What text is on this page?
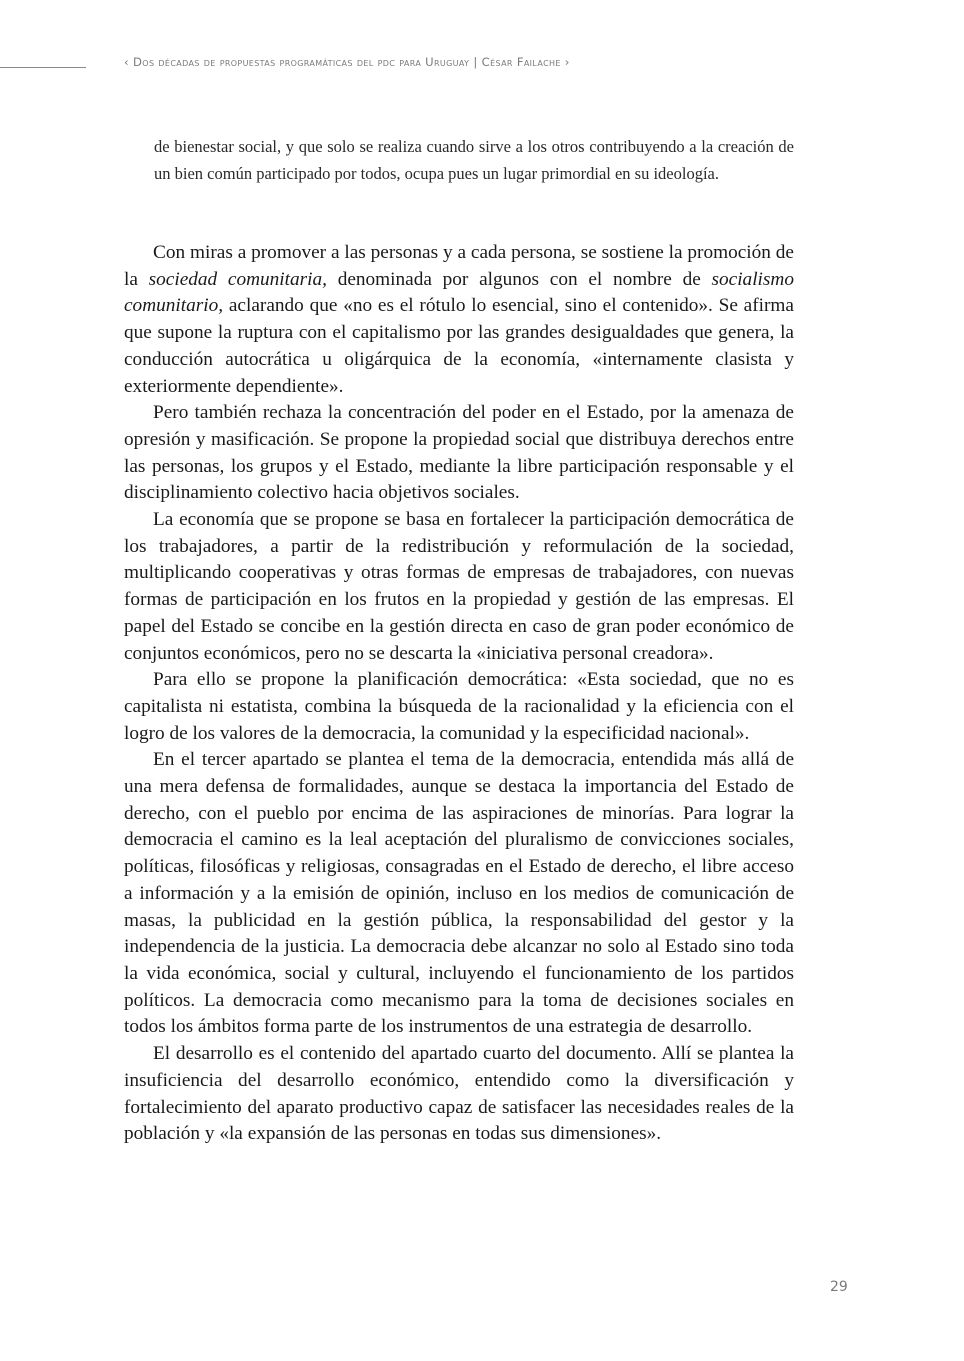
‹ Dos décadas de propuestas programáticas del pdc para Uruguay | César Failache ›

de bienestar social, y que solo se realiza cuando sirve a los otros contribuyendo a la creación de un bien común participado por todos, ocupa pues un lugar primordial en su ideología.

Con miras a promover a las personas y a cada persona, se sostiene la promoción de la sociedad comunitaria, denominada por algunos con el nombre de socialismo comunitario, aclarando que «no es el rótulo lo esencial, sino el contenido». Se afirma que supone la ruptura con el capitalismo por las grandes desigualdades que genera, la conducción autocrática u oligárquica de la economía, «internamente clasista y exteriormente dependiente».

Pero también rechaza la concentración del poder en el Estado, por la amenaza de opresión y masificación. Se propone la propiedad social que distribuya derechos entre las personas, los grupos y el Estado, mediante la libre participación responsable y el disciplinamiento colectivo hacia objetivos sociales.

La economía que se propone se basa en fortalecer la participación democrática de los trabajadores, a partir de la redistribución y reformulación de la sociedad, multiplicando cooperativas y otras formas de empresas de trabajadores, con nuevas formas de participación en los frutos en la propiedad y gestión de las empresas. El papel del Estado se concibe en la gestión directa en caso de gran poder económico de conjuntos económicos, pero no se descarta la «iniciativa personal creadora».

Para ello se propone la planificación democrática: «Esta sociedad, que no es capitalista ni estatista, combina la búsqueda de la racionalidad y la eficiencia con el logro de los valores de la democracia, la comunidad y la especificidad nacional».

En el tercer apartado se plantea el tema de la democracia, entendida más allá de una mera defensa de formalidades, aunque se destaca la importancia del Estado de derecho, con el pueblo por encima de las aspiraciones de minorías. Para lograr la democracia el camino es la leal aceptación del pluralismo de convicciones sociales, políticas, filosóficas y religiosas, consagradas en el Estado de derecho, el libre acceso a información y a la emisión de opinión, incluso en los medios de comunicación de masas, la publicidad en la gestión pública, la responsabilidad del gestor y la independencia de la justicia. La democracia debe alcanzar no solo al Estado sino toda la vida económica, social y cultural, incluyendo el funcionamiento de los partidos políticos. La democracia como mecanismo para la toma de decisiones sociales en todos los ámbitos forma parte de los instrumentos de una estrategia de desarrollo.

El desarrollo es el contenido del apartado cuarto del documento. Allí se plantea la insuficiencia del desarrollo económico, entendido como la diversificación y fortalecimiento del aparato productivo capaz de satisfacer las necesidades reales de la población y «la expansión de las personas en todas sus dimensiones».

29
